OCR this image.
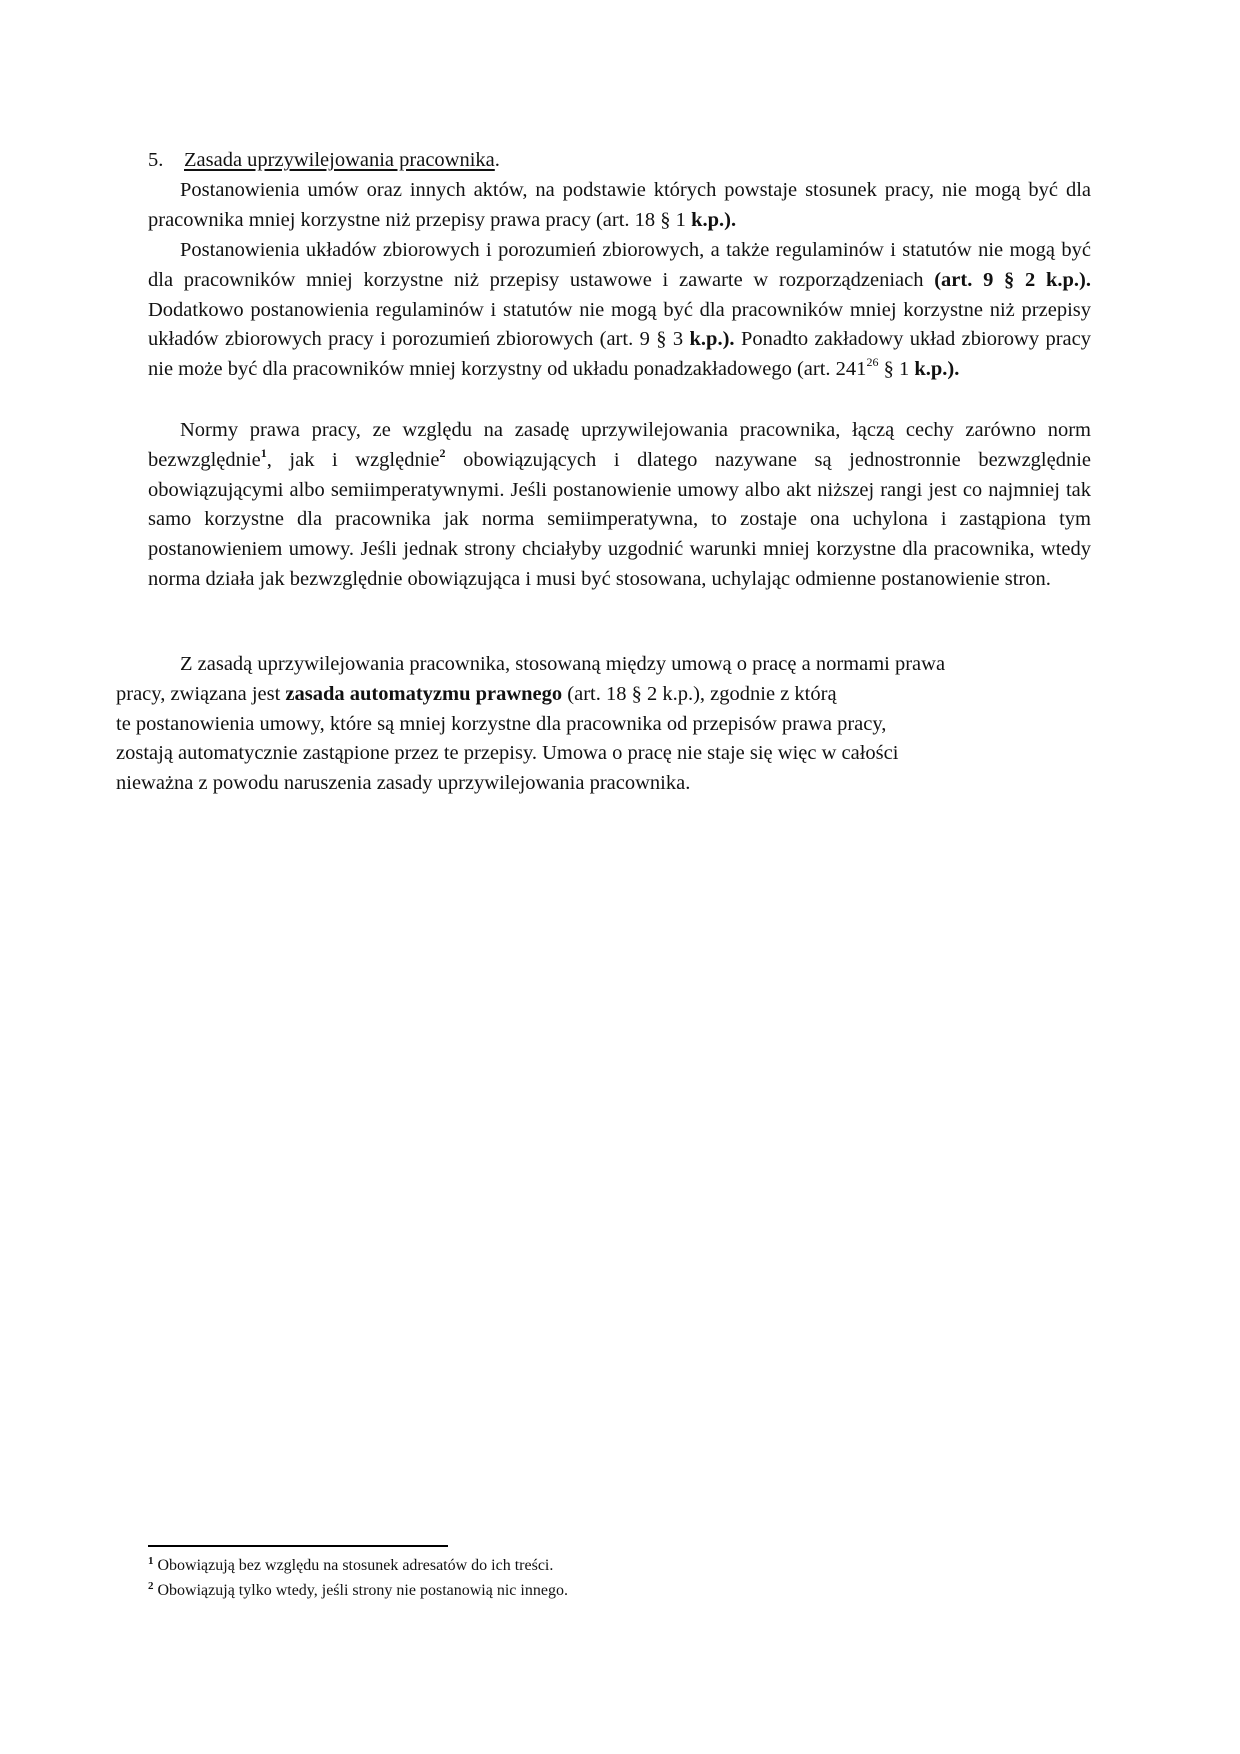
5. Zasada uprzywilejowania pracownika.

Postanowienia umów oraz innych aktów, na podstawie których powstaje stosunek pracy, nie mogą być dla pracownika mniej korzystne niż przepisy prawa pracy (art. 18 § 1 k.p.).

Postanowienia układów zbiorowych i porozumień zbiorowych, a także regulaminów i statutów nie mogą być dla pracowników mniej korzystne niż przepisy ustawowe i zawarte w rozporządzeniach (art. 9 § 2 k.p.). Dodatkowo postanowienia regulaminów i statutów nie mogą być dla pracowników mniej korzystne niż przepisy układów zbiorowych pracy i porozumień zbiorowych (art. 9 § 3 k.p.). Ponadto zakładowy układ zbiorowy pracy nie może być dla pracowników mniej korzystny od układu ponadzakładowego (art. $241^{26}$ § 1 k.p.).

Normy prawa pracy, ze względu na zasadę uprzywilejowania pracownika, łączą cechy zarówno norm bezwzględnie$^1$, jak i względnie$^2$ obowiązujących i dlatego nazywane są jednostronnie bezwzględnie obowiązującymi albo semiimperatywnymi. Jeśli postanowienie umowy albo akt niższej rangi jest co najmniej tak samo korzystne dla pracownika jak norma semiimperatywna, to zostaje ona uchylona i zastąpiona tym postanowieniem umowy. Jeśli jednak strony chciałyby uzgodnić warunki mniej korzystne dla pracownika, wtedy norma działa jak bezwzględnie obowiązująca i musi być stosowana, uchylając odmienne postanowienie stron.

Z zasadą uprzywilejowania pracownika, stosowaną między umową o pracę a normami prawa
pracy, związana jest zasada automatyzmu prawnego (art. 18 § 2 k.p.), zgodnie z którą
te postanowienia umowy, które są mniej korzystne dla pracownika od przepisów prawa pracy,
zostają automatycznie zastąpione przez te przepisy. Umowa o pracę nie staje się więc w całości
nieważna z powodu naruszenia zasady uprzywilejowania pracownika.

$^1$ Obowiązują bez względu na stosunek adresatów do ich treści.
$^2$ Obowiązują tylko wtedy, jeśli strony nie postanowią nic innego.
